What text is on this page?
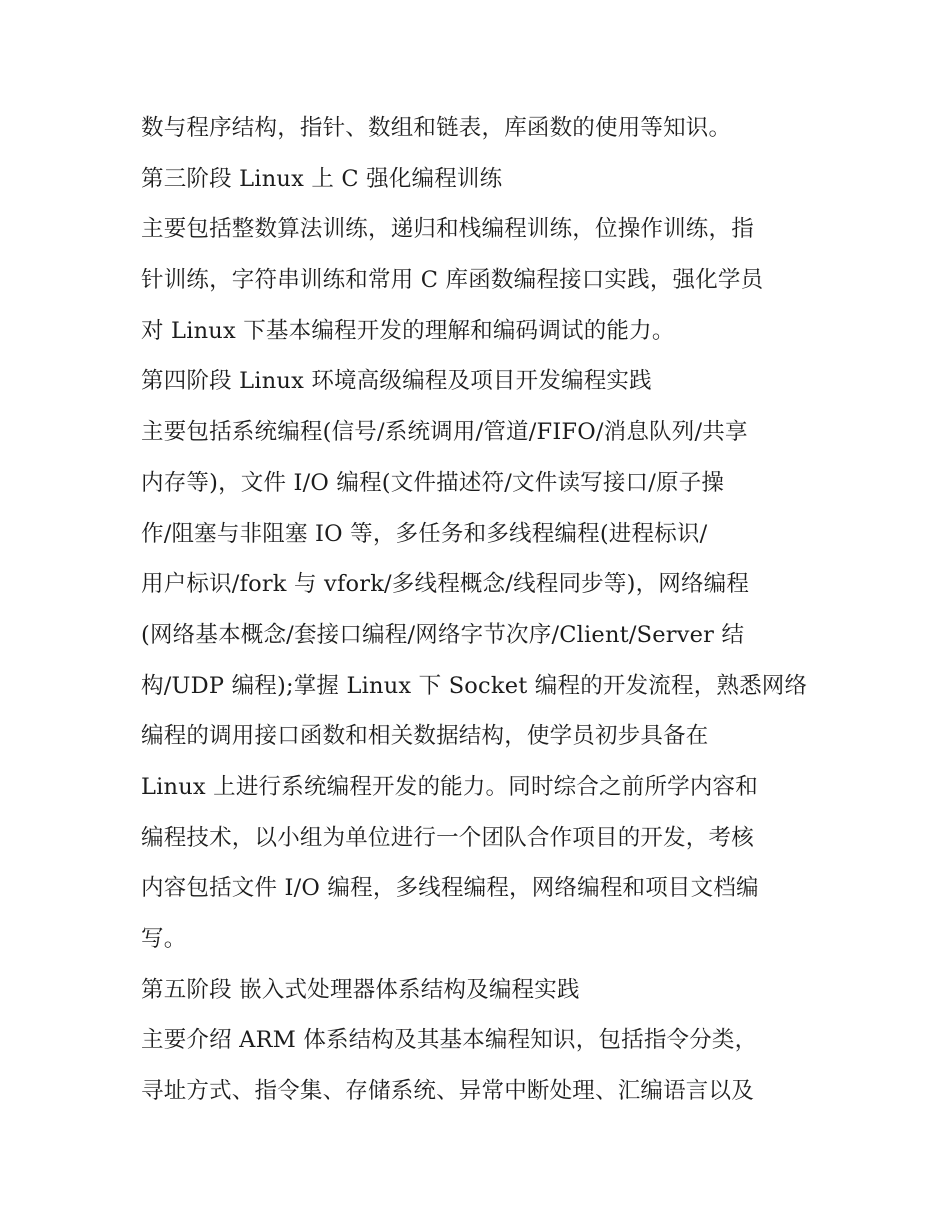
数与程序结构，指针、数组和链表，库函数的使用等知识。
第三阶段 Linux 上 C 强化编程训练
主要包括整数算法训练，递归和栈编程训练，位操作训练，指
针训练，字符串训练和常用 C 库函数编程接口实践，强化学员
对 Linux 下基本编程开发的理解和编码调试的能力。
第四阶段 Linux 环境高级编程及项目开发编程实践
主要包括系统编程(信号/系统调用/管道/FIFO/消息队列/共享
内存等)，文件 I/O 编程(文件描述符/文件读写接口/原子操
作/阻塞与非阻塞 IO 等，多任务和多线程编程(进程标识/
用户标识/fork 与 vfork/多线程概念/线程同步等)，网络编程
(网络基本概念/套接口编程/网络字节次序/Client/Server 结
构/UDP 编程);掌握 Linux 下 Socket 编程的开发流程，熟悉网络
编程的调用接口函数和相关数据结构，使学员初步具备在
Linux 上进行系统编程开发的能力。同时综合之前所学内容和
编程技术，以小组为单位进行一个团队合作项目的开发，考核
内容包括文件 I/O 编程，多线程编程，网络编程和项目文档编
写。
第五阶段 嵌入式处理器体系结构及编程实践
主要介绍 ARM 体系结构及其基本编程知识，包括指令分类，
寻址方式、指令集、存储系统、异常中断处理、汇编语言以及
